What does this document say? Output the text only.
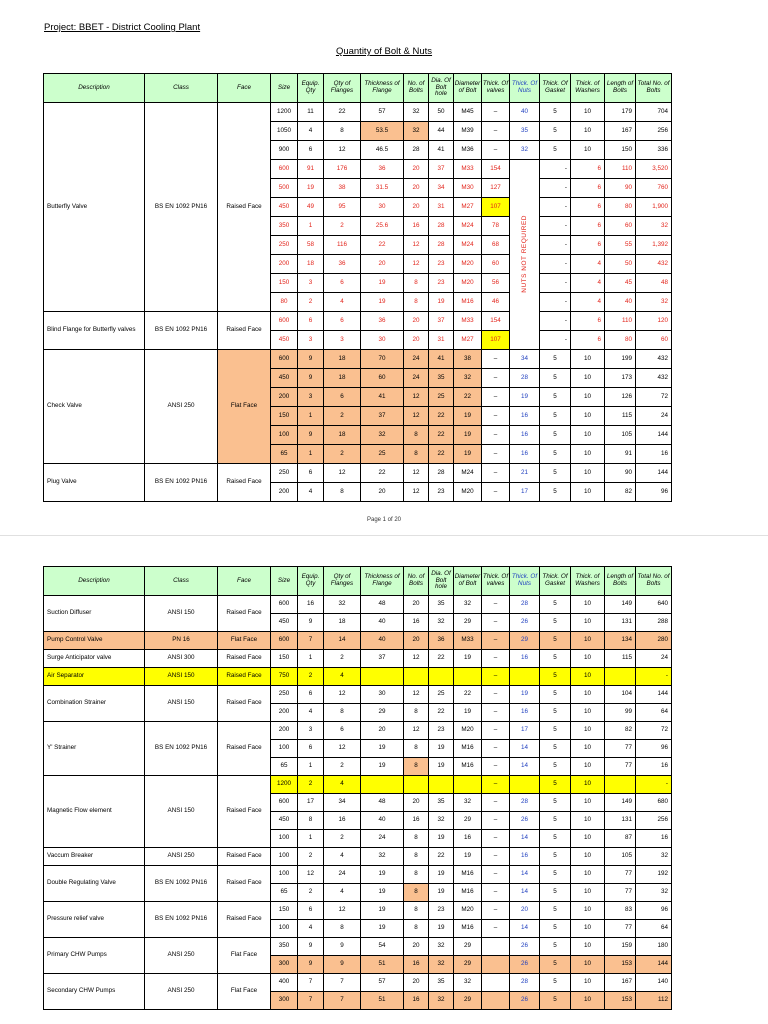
Project: BBET - District Cooling Plant
Quantity of Bolt & Nuts
Description	Class	Face	Size	Equip. Qty	Qty of Flanges	Thickness of Flange	No. of Bolts	Dia. Of Bolt hole	Diameter of Bolt	Thick. Of valves	Thick. Of Nuts	Thick. Of Gasket	Thick. of Washers	Length of Bolts	Total No. of Bolts
Butterfly Valve	BS EN 1092 PN16	Raised Face	1200	11	22	57	32	50	M45	–	40	5	10	179	704
			1050	4	8	53.5	32	44	M39	–	35	5	10	167	256
			900	6	12	46.5	28	41	M36	–	32	5	10	150	336
			600	91	176	36	20	37	M33	154	NUTS NOT REQUIRED	-	6	110	3,520
			500	19	38	31.5	20	34	M30	127		-	6	90	760
			450	49	95	30	20	31	M27	107		-	6	80	1,900
			350	1	2	25.6	16	28	M24	78		-	6	60	32
			250	58	116	22	12	28	M24	68		-	6	55	1,392
			200	18	36	20	12	23	M20	60		-	4	50	432
			150	3	6	19	8	23	M20	56		-	4	45	48
			80	2	4	19	8	19	M16	46		-	4	40	32
Blind Flange for Butterfly valves	BS EN 1092 PN16	Raised Face	600	6	6	36	20	37	M33	154		-	6	110	120
			450	3	3	30	20	31	M27	107		-	6	80	60
Check Valve	ANSI 250	Flat Face	600	9	18	70	24	41	38	–	34	5	10	199	432
			450	9	18	60	24	35	32	–	28	5	10	173	432
			200	3	6	41	12	25	22	–	19	5	10	126	72
			150	1	2	37	12	22	19	–	16	5	10	115	24
			100	9	18	32	8	22	19	–	16	5	10	105	144
			65	1	2	25	8	22	19	–	16	5	10	91	16
Plug Valve	BS EN 1092 PN16	Raised Face	250	6	12	22	12	28	M24	–	21	5	10	90	144
			200	4	8	20	12	23	M20	–	17	5	10	82	96
Page 1 of 20
Description	Class	Face	Size	Equip. Qty	Qty of Flanges	Thickness of Flange	No. of Bolts	Dia. Of Bolt hole	Diameter of Bolt	Thick. Of valves	Thick. Of Nuts	Thick. Of Gasket	Thick. of Washers	Length of Bolts	Total No. of Bolts
Suction Diffuser	ANSI 150	Raised Face	600	16	32	48	20	35	32	–	28	5	10	149	640
			450	9	18	40	16	32	29	–	26	5	10	131	288
Pump Control Valve	PN 16	Flat Face	600	7	14	40	20	36	M33	–	29	5	10	134	280
Surge Anticipator valve	ANSI 300	Raised Face	150	1	2	37	12	22	19	–	16	5	10	115	24
Air Separator	ANSI 150	Raised Face	750	2	4					–		5	10		-
Combination Strainer	ANSI 150	Raised Face	250	6	12	30	12	25	22	–	19	5	10	104	144
			200	4	8	29	8	22	19	–	16	5	10	99	64
Y' Strainer	BS EN 1092 PN16	Raised Face	200	3	6	20	12	23	M20	–	17	5	10	82	72
			100	6	12	19	8	19	M16	–	14	5	10	77	96
			65	1	2	19	8	19	M16	–	14	5	10	77	16
Magnetic Flow element	ANSI 150	Raised Face	1200	2	4					–		5	10		-
			600	17	34	48	20	35	32	–	28	5	10	149	680
			450	8	16	40	16	32	29	–	26	5	10	131	256
			100	1	2	24	8	19	16	–	14	5	10	87	16
Vaccum Breaker	ANSI 250	Raised Face	100	2	4	32	8	22	19	–	16	5	10	105	32
Double Regulating Valve	BS EN 1092 PN16	Raised Face	100	12	24	19	8	19	M16	–	14	5	10	77	192
			65	2	4	19	8	19	M16	–	14	5	10	77	32
Pressure relief valve	BS EN 1092 PN16	Raised Face	150	6	12	19	8	23	M20	–	20	5	10	83	96
			100	4	8	19	8	19	M16	–	14	5	10	77	64
Primary CHW Pumps	ANSI 250	Flat Face	350	9	9	54	20	32	29		26	5	10	159	180
			300	9	9	51	16	32	29		26	5	10	153	144
Secondary CHW Pumps	ANSI 250	Flat Face	400	7	7	57	20	35	32		28	5	10	167	140
			300	7	7	51	16	32	29		26	5	10	153	112
